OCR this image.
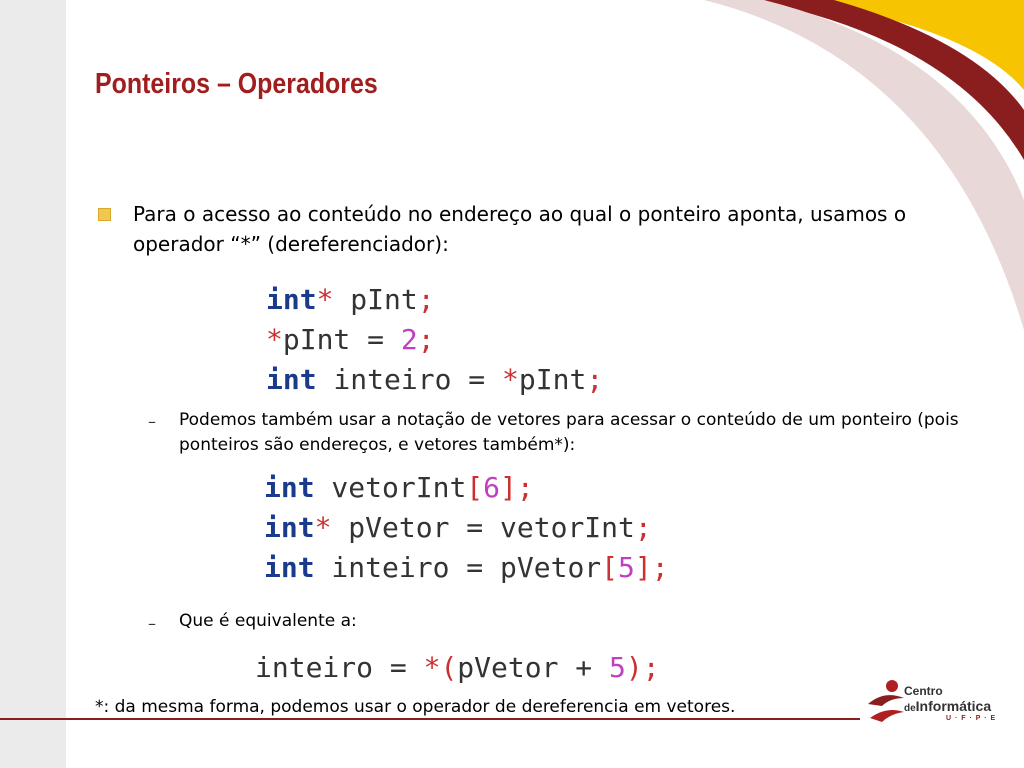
Ponteiros – Operadores
Para o acesso ao conteúdo no endereço ao qual o ponteiro aponta, usamos o operador “*” (dereferenciador):
int* pInt;
*pInt = 2;
int inteiro = *pInt;
– Podemos também usar a notação de vetores para acessar o conteúdo de um ponteiro (pois ponteiros são endereços, e vetores também*):
int vetorInt[6];
int* pVetor = vetorInt;
int inteiro = pVetor[5];
– Que é equivalente a:
inteiro = *(pVetor + 5);
*: da mesma forma, podemos usar o operador de dereferencia em vetores.
Centro
deInformática
U · F · P · E
